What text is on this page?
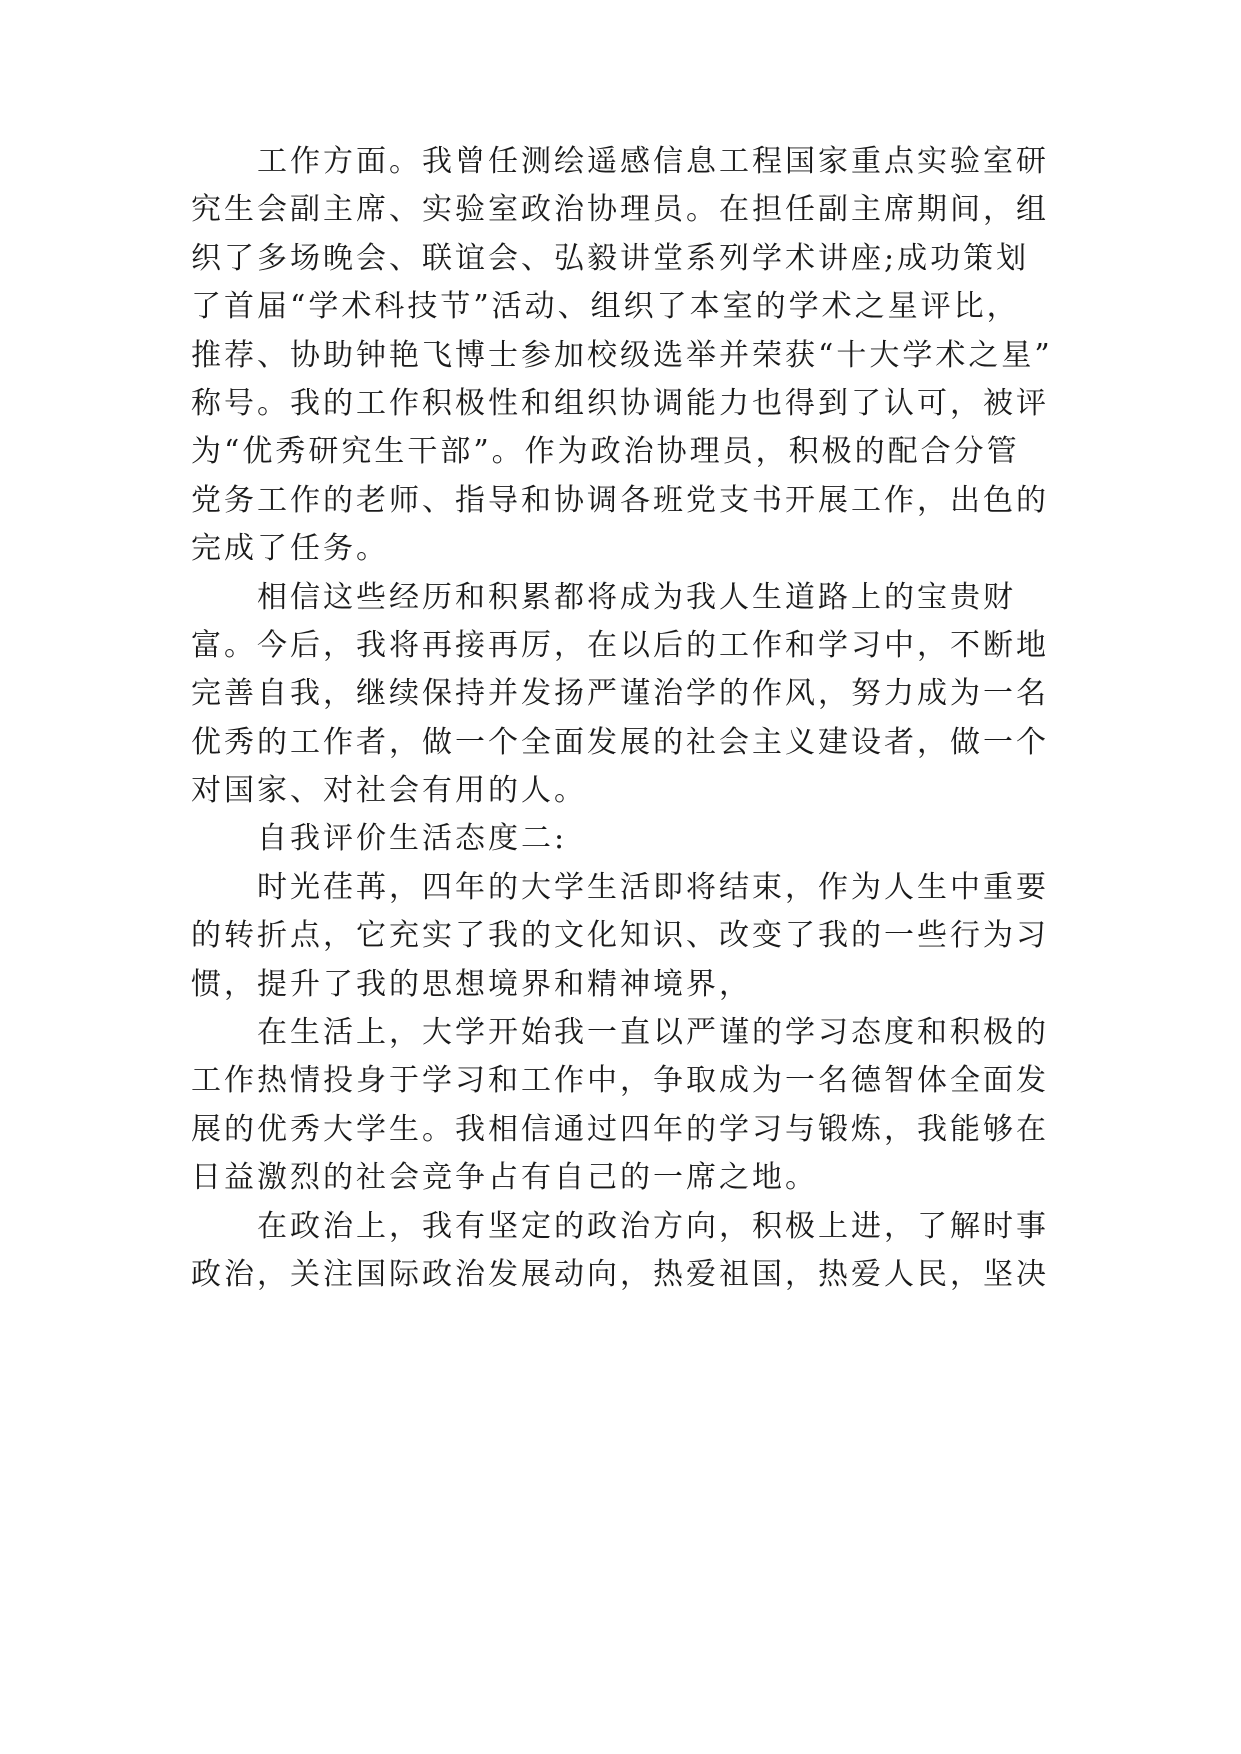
工作方面。我曾任测绘遥感信息工程国家重点实验室研
究生会副主席、实验室政治协理员。在担任副主席期间，组
织了多场晚会、联谊会、弘毅讲堂系列学术讲座;成功策划
了首届“学术科技节”活动、组织了本室的学术之星评比，
推荐、协助钟艳飞博士参加校级选举并荣获“十大学术之星”
称号。我的工作积极性和组织协调能力也得到了认可，被评
为“优秀研究生干部”。作为政治协理员，积极的配合分管
党务工作的老师、指导和协调各班党支书开展工作，出色的
完成了任务。
相信这些经历和积累都将成为我人生道路上的宝贵财
富。今后，我将再接再厉，在以后的工作和学习中，不断地
完善自我，继续保持并发扬严谨治学的作风，努力成为一名
优秀的工作者，做一个全面发展的社会主义建设者，做一个
对国家、对社会有用的人。
自我评价生活态度二:
时光荏苒，四年的大学生活即将结束，作为人生中重要
的转折点，它充实了我的文化知识、改变了我的一些行为习
惯，提升了我的思想境界和精神境界，
在生活上，大学开始我一直以严谨的学习态度和积极的
工作热情投身于学习和工作中，争取成为一名德智体全面发
展的优秀大学生。我相信通过四年的学习与锻炼，我能够在
日益激烈的社会竞争占有自己的一席之地。
在政治上，我有坚定的政治方向，积极上进，了解时事
政治，关注国际政治发展动向，热爱祖国，热爱人民，坚决
